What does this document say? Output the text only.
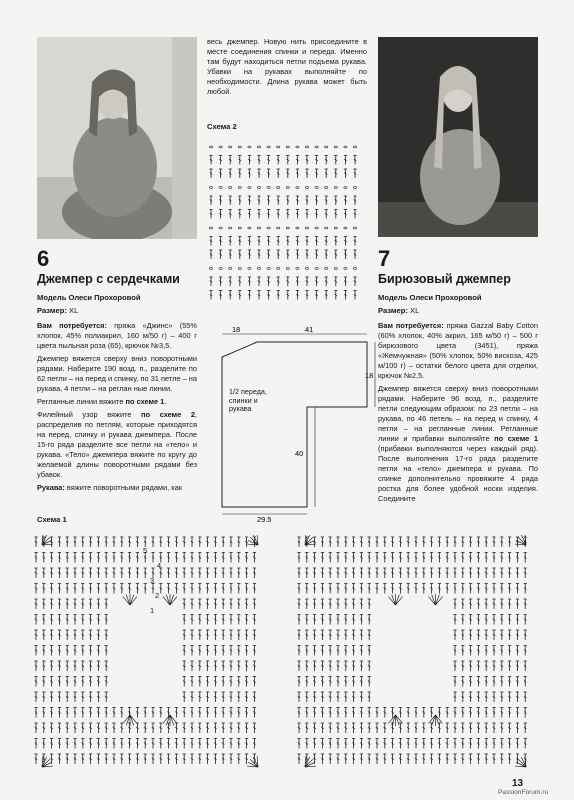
6
Джемпер с сердечками
Модель Олеси Прохоровой
Размер: XL

Вам потребуется: пряжа «Джинс» (55% хлопок, 45% полиакрил, 160 м/50 г) – 400 г цвета пыльная роза (65), крючок №3,5.

Джемпер вяжется сверху вниз поворотными рядами. Наберите 190 возд. п., разделите по 62 петли – на перед и спинку, по 31 петле – на рукава, 4 петли – на реглан ные линии.

Регланные линии вяжите по схеме 1.

Филейный узор вяжите по схеме 2, распределив по петлям, которые приходятся на перед, спинку и рукава джемпера. После 15-го ряда разделите все петли на «тело» и рукава. «Тело» джемпера вяжите по кругу до желаемой длины поворотными рядами без убавок.

Рукава: вяжите поворотными рядами, как

весь джемпер. Новую нить присоедините в месте соединения спинки и переда. Именно там будут находиться петли подъема рукава. Убавки на рукавах выполняйте по необходимости. Длина рукава может быть любой.
Схема 2
18	41
18
40
29,5
1/2 переда, спинки и рукава
7
Бирюзовый джемпер
Модель Олеси Прохоровой
Размер: XL

Вам потребуется: пряжа Gazzal Baby Cotton (60% хлопок, 40% акрил, 165 м/50 г) – 500 г бирюзового цвета (3451), пряжа «Жемчужная» (50% хлопок, 50% вискоза, 425 м/100 г) – остатки белого цвета для отделки, крючок №2,5.

Джемпер вяжется сверху вниз поворотными рядами. Наберите 96 возд. п., разделите петли следующим образом: по 23 петли – на рукава, по 46 петель – на перед и спинку, 4 петли – на регланные линии. Регланные линии и прибавки выполняйте по схеме 1 (прибавки выполняются через каждый ряд). После выполнения 17-го ряда разделите петли на «тело» джемпера и рукава. По спинке дополнительно провяжите 4 ряда ростка для более удобной носки изделия. Соедините

Схема 1
5
4
3
2
1
13
PassionForum.ru
